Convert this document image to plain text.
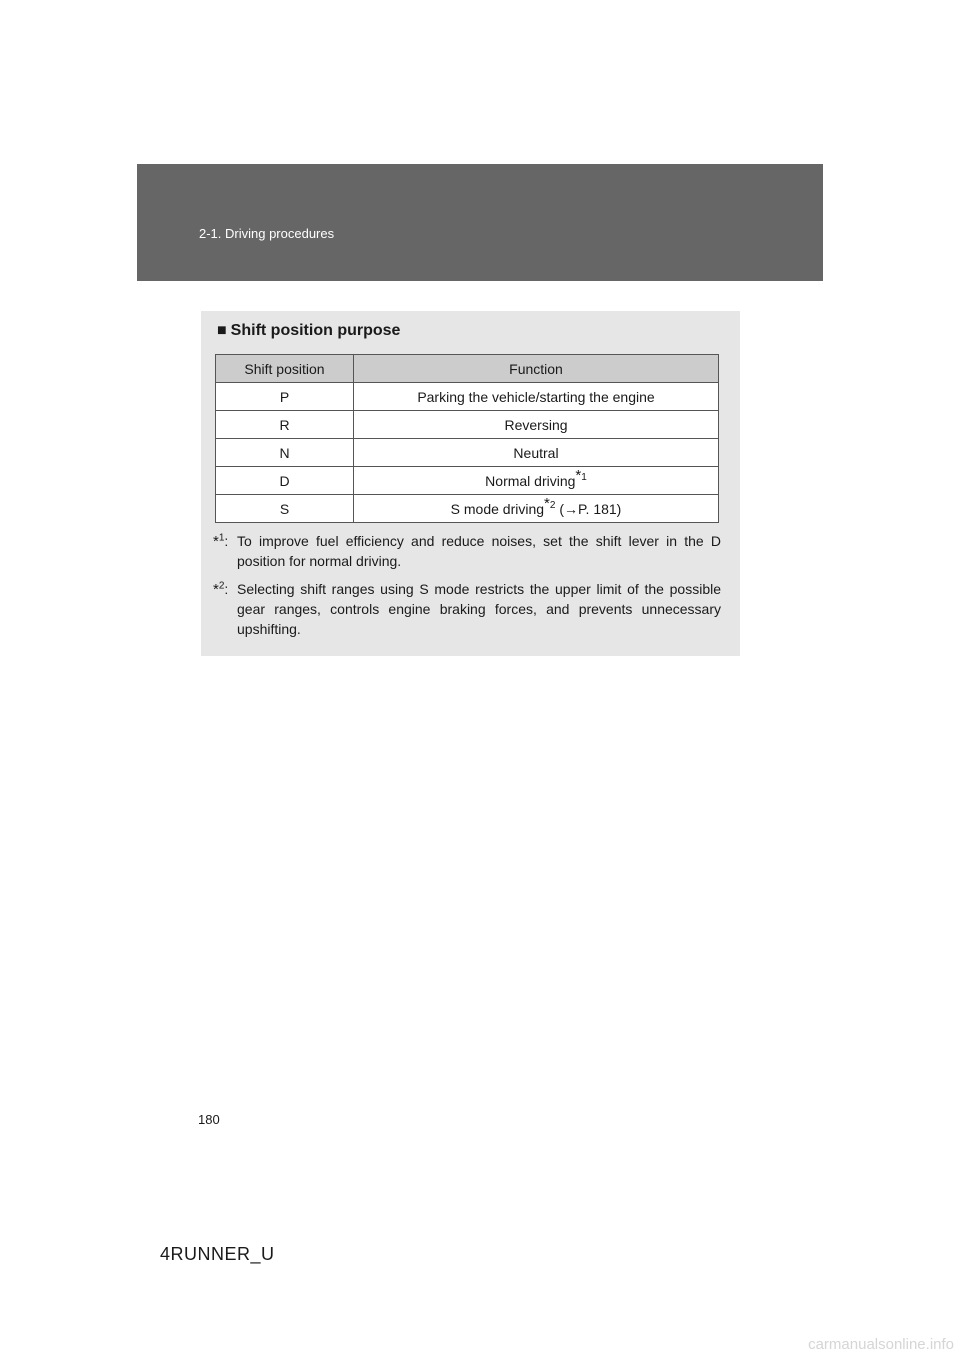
2-1. Driving procedures
■ Shift position purpose
Shift position	Function
P	Parking the vehicle/starting the engine
R	Reversing
N	Neutral
D	Normal driving$^{*1}$
S	S mode driving$^{*2}$ (→P. 181)
*$^1$: To improve fuel efficiency and reduce noises, set the shift lever in the D position for normal driving.
*$^2$: Selecting shift ranges using S mode restricts the upper limit of the possible gear ranges, controls engine braking forces, and prevents unnecessary upshifting.
180
4RUNNER_U
carmanualsonline.info
